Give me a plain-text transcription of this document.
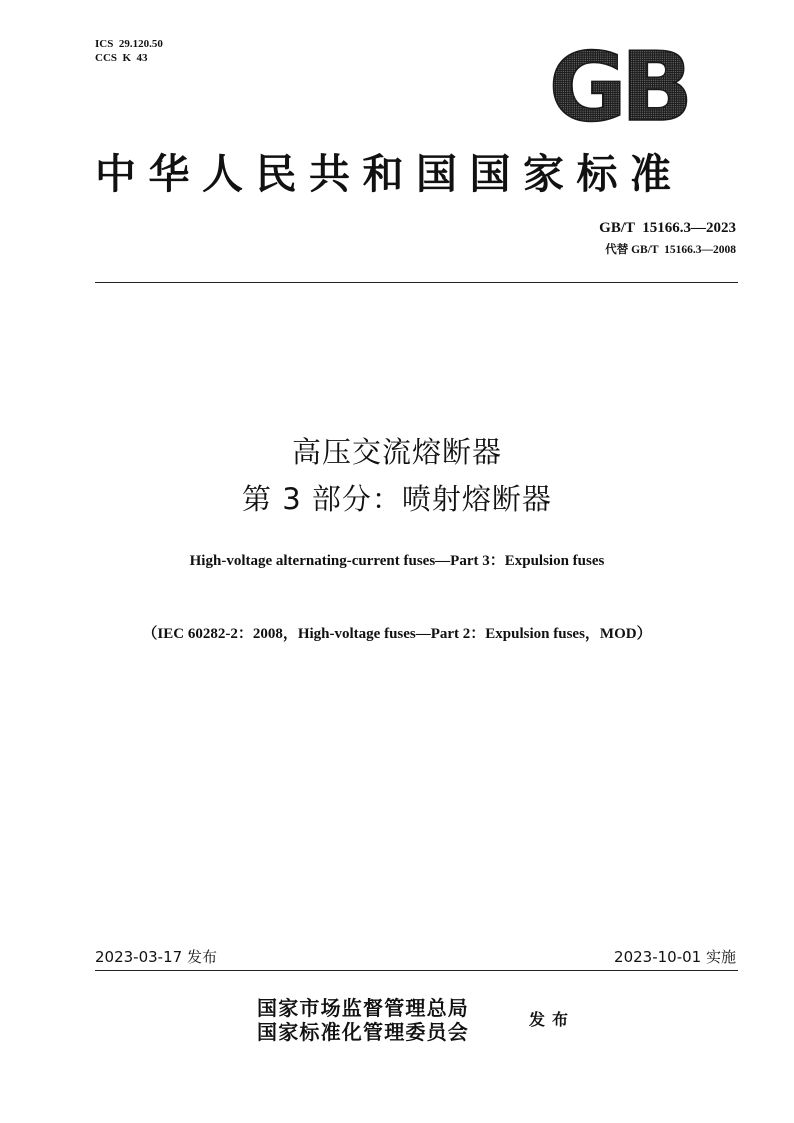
ICS  29.120.50
CCS  K  43	GB
中华人民共和国国家标准
GB/T  15166.3—2023
代替 GB/T  15166.3—2008
高压交流熔断器
第 3 部分：喷射熔断器
High-voltage alternating-current fuses—Part 3：Expulsion fuses
（IEC 60282-2：2008，High-voltage fuses—Part 2：Expulsion fuses，MOD）
2023-03-17 发布	2023-10-01 实施
国家市场监督管理总局
国家标准化管理委员会
发布
